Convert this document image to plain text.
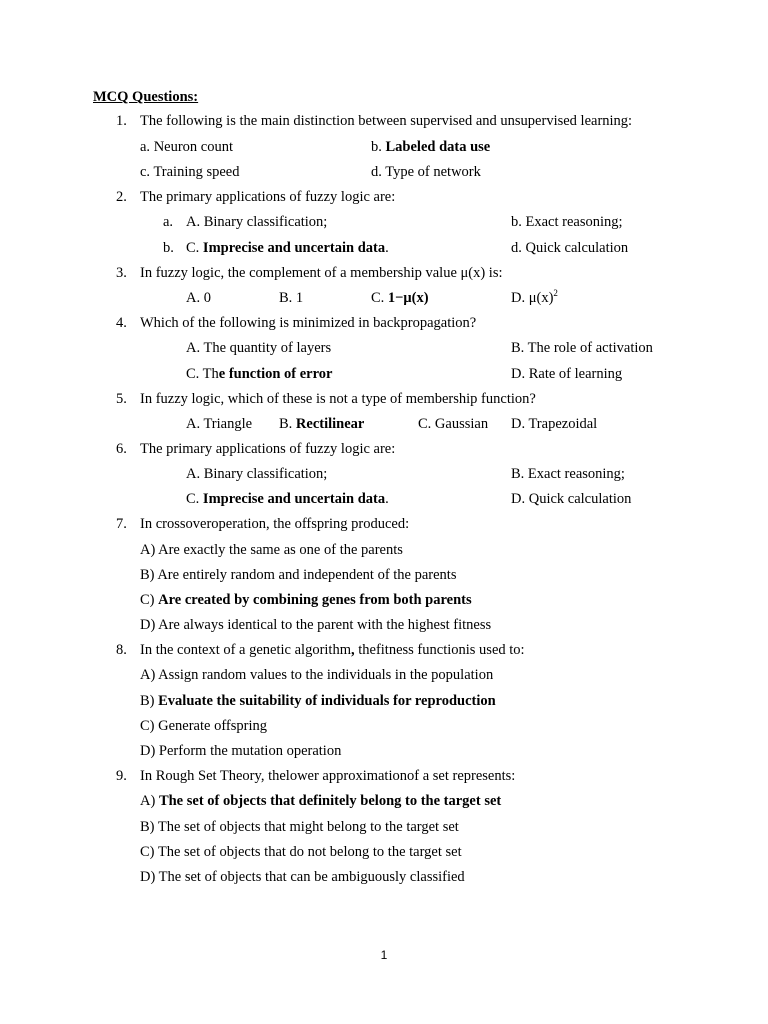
MCQ Questions:
1. The following is the main distinction between supervised and unsupervised learning:
a. Neuron count	b. Labeled data use
c. Training speed	d. Type of network
2. The primary applications of fuzzy logic are:
a. A. Binary classification;	b. Exact reasoning;
b. C. Imprecise and uncertain data.	d. Quick calculation
3. In fuzzy logic, the complement of a membership value μ(x) is:
A. 0	B. 1	C. 1−μ(x)	D. $\mu(x)^2$
4. Which of the following is minimized in backpropagation?
A. The quantity of layers	B. The role of activation
C. The function of error	D. Rate of learning
5. In fuzzy logic, which of these is not a type of membership function?
A. Triangle B. Rectilinear	C. Gaussian D. Trapezoidal
6. The primary applications of fuzzy logic are:
A. Binary classification;	B. Exact reasoning;
C. Imprecise and uncertain data.	D. Quick calculation
7. In crossoveroperation, the offspring produced:
A) Are exactly the same as one of the parents
B) Are entirely random and independent of the parents
C) Are created by combining genes from both parents
D) Are always identical to the parent with the highest fitness
8. In the context of a genetic algorithm, thefitness functionis used to:
A) Assign random values to the individuals in the population
B) Evaluate the suitability of individuals for reproduction
C) Generate offspring
D) Perform the mutation operation
9. In Rough Set Theory, thelower approximationof a set represents:
A) The set of objects that definitely belong to the target set
B) The set of objects that might belong to the target set
C) The set of objects that do not belong to the target set
D) The set of objects that can be ambiguously classified
1
